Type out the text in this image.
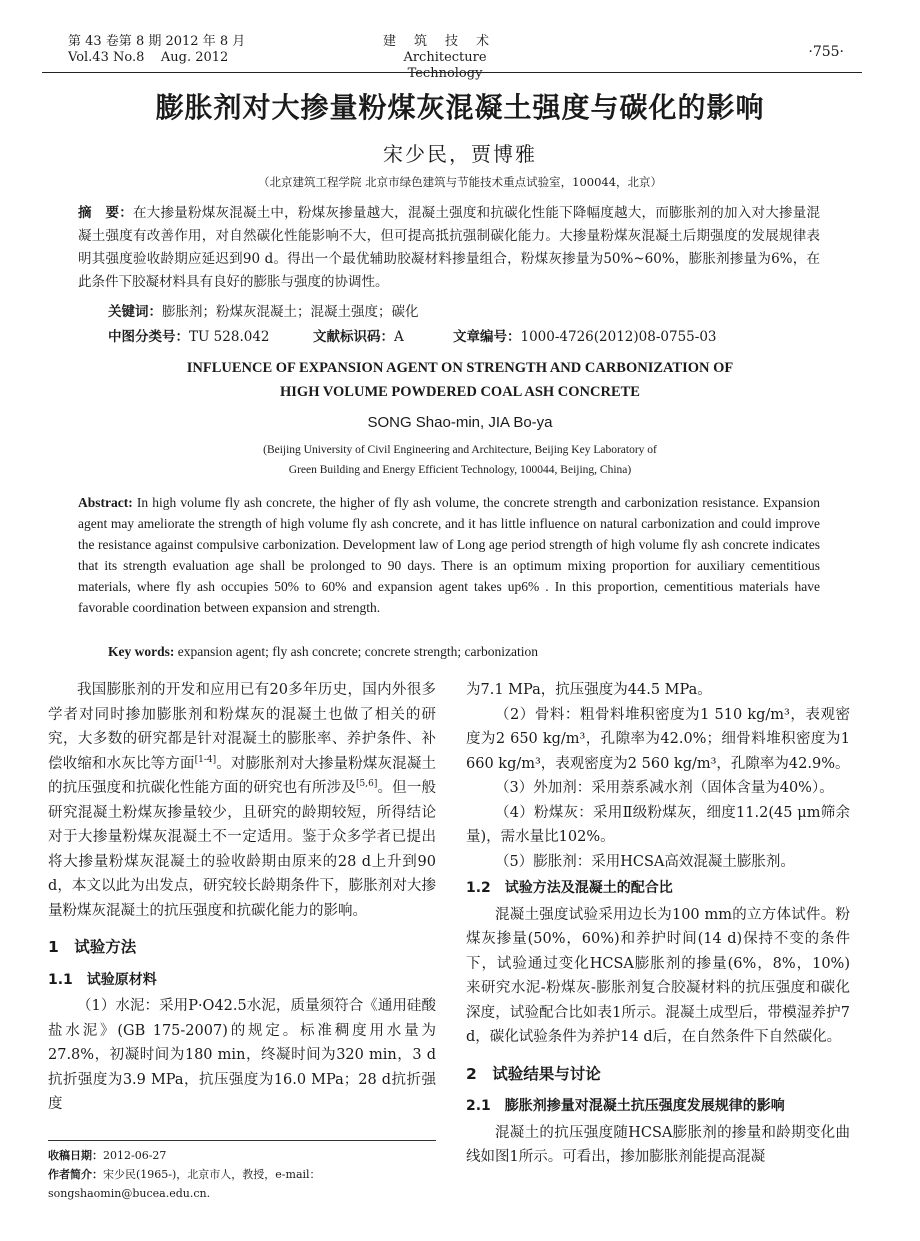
第 43 卷第 8 期 2012 年 8 月
Vol.43 No.8    Aug. 2012
建筑技术
Architecture Technology
·755·
膨胀剂对大掺量粉煤灰混凝土强度与碳化的影响
宋少民，贾博雅
（北京建筑工程学院 北京市绿色建筑与节能技术重点试验室，100044，北京）
摘　要：在大掺量粉煤灰混凝土中，粉煤灰掺量越大，混凝土强度和抗碳化性能下降幅度越大，而膨胀剂的加入对大掺量混凝土强度有改善作用，对自然碳化性能影响不大，但可提高抵抗强制碳化能力。大掺量粉煤灰混凝土后期强度的发展规律表明其强度验收龄期应延迟到90 d。得出一个最优辅助胶凝材料掺量组合，粉煤灰掺量为50%~60%，膨胀剂掺量为6%，在此条件下胶凝材料具有良好的膨胀与强度的协调性。
关键词：膨胀剂；粉煤灰混凝土；混凝土强度；碳化
中图分类号：TU 528.042	文献标识码：A	文章编号：1000-4726(2012)08-0755-03
INFLUENCE OF EXPANSION AGENT ON STRENGTH AND CARBONIZATION OF
HIGH VOLUME POWDERED COAL ASH CONCRETE
SONG Shao-min, JIA Bo-ya
(Beijing University of Civil Engineering and Architecture, Beijing Key Laboratory of
Green Building and Energy Efficient Technology, 100044, Beijing, China)
Abstract: In high volume fly ash concrete, the higher of fly ash volume, the concrete strength and carbonization resistance. Expansion agent may ameliorate the strength of high volume fly ash concrete, and it has little influence on natural carbonization and could improve the resistance against compulsive carbonization. Development law of Long age period strength of high volume fly ash concrete indicates that its strength evaluation age shall be prolonged to 90 days. There is an optimum mixing proportion for auxiliary cementitious materials, where fly ash occupies 50% to 60% and expansion agent takes up6% . In this proportion, cementitious materials have favorable coordination between expansion and strength.
Key words: expansion agent; fly ash concrete; concrete strength; carbonization

我国膨胀剂的开发和应用已有20多年历史，国内外很多学者对同时掺加膨胀剂和粉煤灰的混凝土也做了相关的研究，大多数的研究都是针对混凝土的膨胀率、养护条件、补偿收缩和水灰比等方面[1-4]。对膨胀剂对大掺量粉煤灰混凝土的抗压强度和抗碳化性能方面的研究也有所涉及[5,6]。但一般研究混凝土粉煤灰掺量较少，且研究的龄期较短，所得结论对于大掺量粉煤灰混凝土不一定适用。鉴于众多学者已提出将大掺量粉煤灰混凝土的验收龄期由原来的28 d上升到90 d，本文以此为出发点，研究较长龄期条件下，膨胀剂对大掺量粉煤灰混凝土的抗压强度和抗碳化能力的影响。

1　试验方法
1.1　试验原材料

（1）水泥：采用P·O42.5水泥，质量须符合《通用硅酸盐水泥》(GB 175-2007)的规定。标准稠度用水量为27.8%，初凝时间为180 min，终凝时间为320 min，3 d抗折强度为3.9 MPa，抗压强度为16.0 MPa；28 d抗折强度

为7.1 MPa，抗压强度为44.5 MPa。

（2）骨料：粗骨料堆积密度为1 510 kg/m³，表观密度为2 650 kg/m³，孔隙率为42.0%；细骨料堆积密度为1 660 kg/m³，表观密度为2 560 kg/m³，孔隙率为42.9%。

（3）外加剂：采用萘系减水剂（固体含量为40%）。

（4）粉煤灰：采用Ⅱ级粉煤灰，细度11.2(45 μm筛余量)，需水量比102%。

（5）膨胀剂：采用HCSA高效混凝土膨胀剂。

1.2　试验方法及混凝土的配合比

混凝土强度试验采用边长为100 mm的立方体试件。粉煤灰掺量(50%，60%)和养护时间(14 d)保持不变的条件下，试验通过变化HCSA膨胀剂的掺量(6%，8%，10%) 来研究水泥-粉煤灰-膨胀剂复合胶凝材料的抗压强度和碳化深度，试验配合比如表1所示。混凝土成型后，带模湿养护7 d，碳化试验条件为养护14 d后，在自然条件下自然碳化。

2　试验结果与讨论
2.1　膨胀剂掺量对混凝土抗压强度发展规律的影响

混凝土的抗压强度随HCSA膨胀剂的掺量和龄期变化曲线如图1所示。可看出，掺加膨胀剂能提高混凝

收稿日期：2012-06-27
作者简介：宋少民(1965-)，北京市人，教授，e-mail：songshaomin@bucea.edu.cn.
